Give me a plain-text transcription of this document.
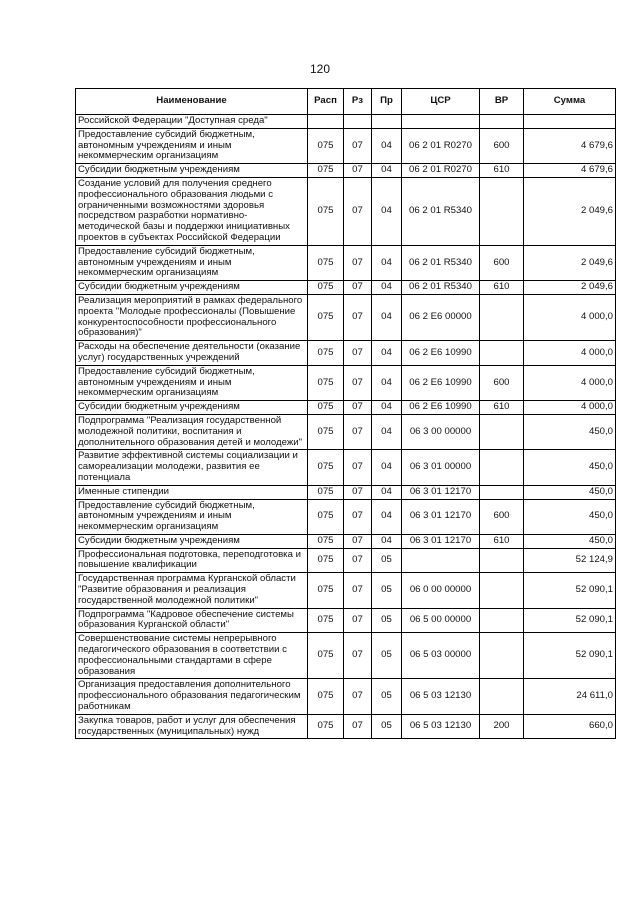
120
Наименование	Расп	Рз	Пр	ЦСР	ВР	Сумма
Российской Федерации "Доступная среда"						
Предоставление субсидий бюджетным, автономным учреждениям и иным некоммерческим организациям	075	07	04	06 2 01 R0270	600	4 679,6
Субсидии бюджетным учреждениям	075	07	04	06 2 01 R0270	610	4 679,6
Создание условий для получения среднего профессионального образования людьми с ограниченными возможностями здоровья посредством разработки нормативно-методической базы и поддержки инициативных проектов в субъектах Российской Федерации	075	07	04	06 2 01 R5340		2 049,6
Предоставление субсидий бюджетным, автономным учреждениям и иным некоммерческим организациям	075	07	04	06 2 01 R5340	600	2 049,6
Субсидии бюджетным учреждениям	075	07	04	06 2 01 R5340	610	2 049,6
Реализация мероприятий в рамках федерального проекта "Молодые профессионалы (Повышение конкурентоспособности профессионального образования)"	075	07	04	06 2 E6 00000		4 000,0
Расходы на обеспечение деятельности (оказание услуг) государственных учреждений	075	07	04	06 2 E6 10990		4 000,0
Предоставление субсидий бюджетным, автономным учреждениям и иным некоммерческим организациям	075	07	04	06 2 E6 10990	600	4 000,0
Субсидии бюджетным учреждениям	075	07	04	06 2 E6 10990	610	4 000,0
Подпрограмма "Реализация государственной молодежной политики, воспитания и дополнительного образования детей и молодежи"	075	07	04	06 3 00 00000		450,0
Развитие эффективной системы социализации и самореализации молодежи, развития ее потенциала	075	07	04	06 3 01 00000		450,0
Именные стипендии	075	07	04	06 3 01 12170		450,0
Предоставление субсидий бюджетным, автономным учреждениям и иным некоммерческим организациям	075	07	04	06 3 01 12170	600	450,0
Субсидии бюджетным учреждениям	075	07	04	06 3 01 12170	610	450,0
Профессиональная подготовка, переподготовка и повышение квалификации	075	07	05			52 124,9
Государственная программа Курганской области "Развитие образования и реализация государственной молодежной политики"	075	07	05	06 0 00 00000		52 090,1
Подпрограмма "Кадровое обеспечение системы образования Курганской области"	075	07	05	06 5 00 00000		52 090,1
Совершенствование системы непрерывного педагогического образования в соответствии с профессиональными стандартами в сфере образования	075	07	05	06 5 03 00000		52 090,1
Организация предоставления дополнительного профессионального образования педагогическим работникам	075	07	05	06 5 03 12130		24 611,0
Закупка товаров, работ и услуг для обеспечения государственных (муниципальных) нужд	075	07	05	06 5 03 12130	200	660,0
